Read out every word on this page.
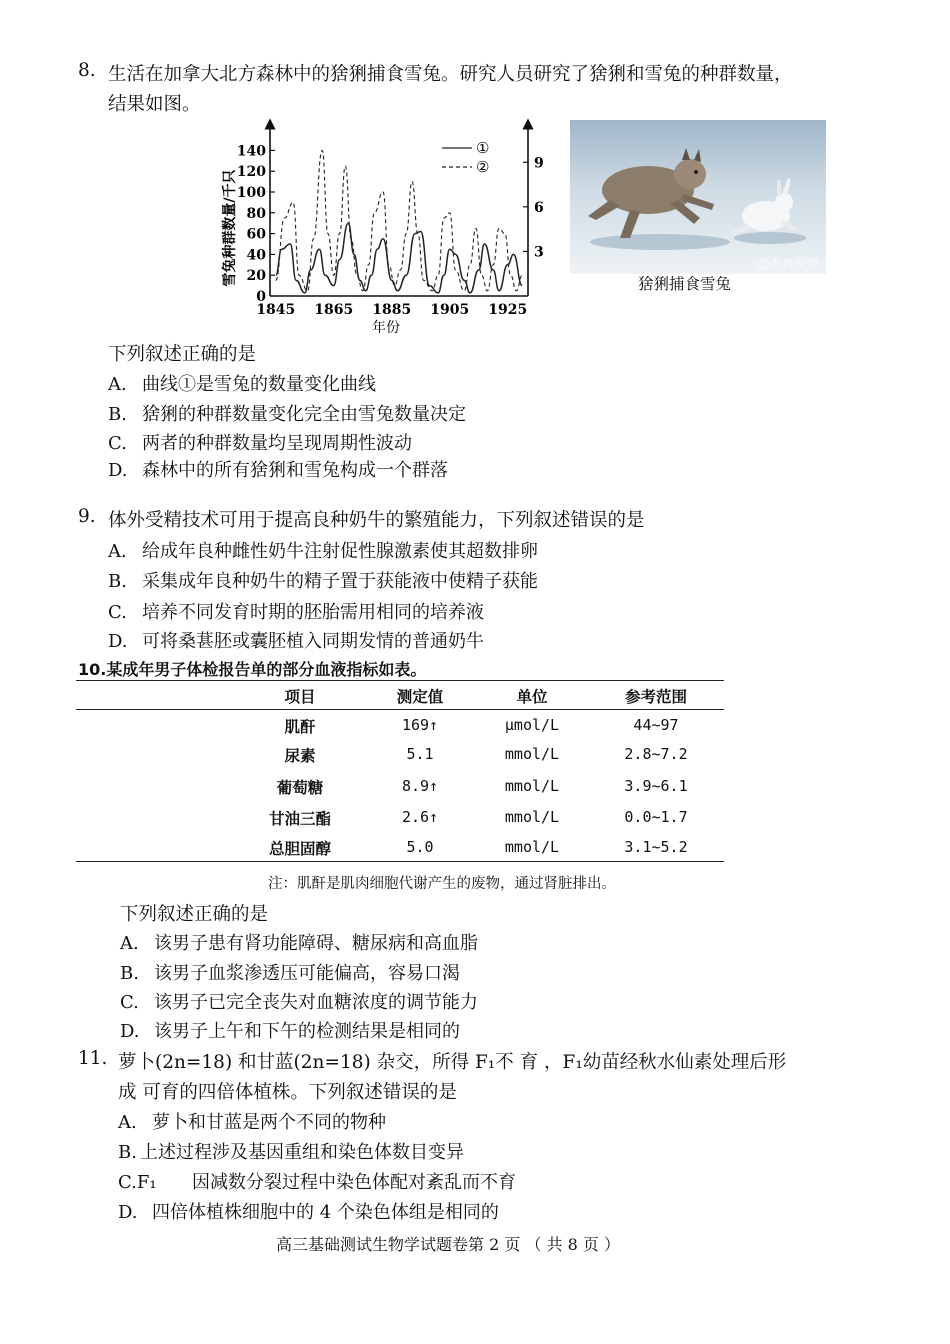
8. 生活在加拿大北方森林中的猞猁捕食雪兔。研究人员研究了猞猁和雪兔的种群数量，
结果如图。
雪兔种群数量/千只
年份
0
20
40
60
80
100
120
140
3
6
9
1845 1865 1885 1905 1925
①
②
@浙教视野
猞猁捕食雪兔
下列叙述正确的是
A. 曲线①是雪兔的数量变化曲线
B. 猞猁的种群数量变化完全由雪兔数量决定
C. 两者的种群数量均呈现周期性波动
D. 森林中的所有猞猁和雪兔构成一个群落
9. 体外受精技术可用于提高良种奶牛的繁殖能力，下列叙述错误的是
A. 给成年良种雌性奶牛注射促性腺激素使其超数排卵
B. 采集成年良种奶牛的精子置于获能液中使精子获能
C. 培养不同发育时期的胚胎需用相同的培养液
D. 可将桑葚胚或囊胚植入同期发情的普通奶牛
10.某成年男子体检报告单的部分血液指标如表。
项目	测定值	单位	参考范围
肌酐	169↑	μmol/L	44~97
尿素	5.1	mmol/L	2.8~7.2
葡萄糖	8.9↑	mmol/L	3.9~6.1
甘油三酯	2.6↑	mmol/L	0.0~1.7
总胆固醇	5.0	mmol/L	3.1~5.2
注：肌酐是肌肉细胞代谢产生的废物，通过肾脏排出。
下列叙述正确的是
A. 该男子患有肾功能障碍、糖尿病和高血脂
B. 该男子血浆渗透压可能偏高，容易口渴
C. 该男子已完全丧失对血糖浓度的调节能力
D. 该男子上午和下午的检测结果是相同的
11. 萝卜(2n=18) 和甘蓝(2n=18) 杂交，所得 F₁不 育 ，F₁幼苗经秋水仙素处理后形
成 可育的四倍体植株。下列叙述错误的是
A. 萝卜和甘蓝是两个不同的物种
B. 上述过程涉及基因重组和染色体数目变异
C.F₁ 因减数分裂过程中染色体配对紊乱而不育
D. 四倍体植株细胞中的 4 个染色体组是相同的
高三基础测试生物学试题卷第 2 页 （ 共 8 页 ）
